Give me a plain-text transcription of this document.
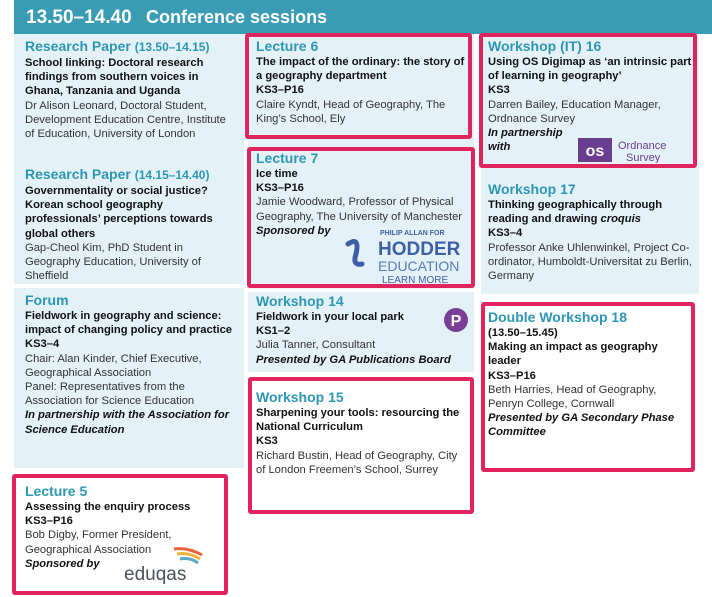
13.50–14.40 Conference sessions
Research Paper (13.50–14.15)
School linking: Doctoral research findings from southern voices in Ghana, Tanzania and Uganda
Dr Alison Leonard, Doctoral Student, Development Education Centre, Institute of Education, University of London
Research Paper (14.15–14.40)
Governmentality or social justice? Korean school geography professionals’ perceptions towards global others
Gap-Cheol Kim, PhD Student in Geography Education, University of Sheffield
Forum
Fieldwork in geography and science: impact of changing policy and practice
KS3–4
Chair: Alan Kinder, Chief Executive, Geographical Association
Panel: Representatives from the Association for Science Education
In partnership with the Association for Science Education
Lecture 5
Assessing the enquiry process
KS3–P16
Bob Digby, Former President, Geographical Association
Sponsored by
eduqas
Lecture 6
The impact of the ordinary: the story of a geography department
KS3–P16
Claire Kyndt, Head of Geography, The King’s School, Ely
Lecture 7
Ice time
KS3–P16
Jamie Woodward, Professor of Physical Geography, The University of Manchester
Sponsored by	PHILIP ALLAN FOR
HODDER
EDUCATION
LEARN MORE
Workshop 14
Fieldwork in your local park
KS1–2
Julia Tanner, Consultant
Presented by GA Publications Board
P
Workshop 15
Sharpening your tools: resourcing the National Curriculum
KS3
Richard Bustin, Head of Geography, City of London Freemen’s School, Surrey
Workshop (IT) 16
Using OS Digimap as ‘an intrinsic part of learning in geography’
KS3
Darren Bailey, Education Manager, Ordnance Survey
In partnership with	os Ordnance
Survey
Workshop 17
Thinking geographically through reading and drawing croquis
KS3–4
Professor Anke Uhlenwinkel, Project Co-ordinator, Humboldt-Universitat zu Berlin, Germany
Double Workshop 18
(13.50–15.45)
Making an impact as geography leader
KS3–P16
Beth Harries, Head of Geography, Penryn College, Cornwall
Presented by GA Secondary Phase Committee
